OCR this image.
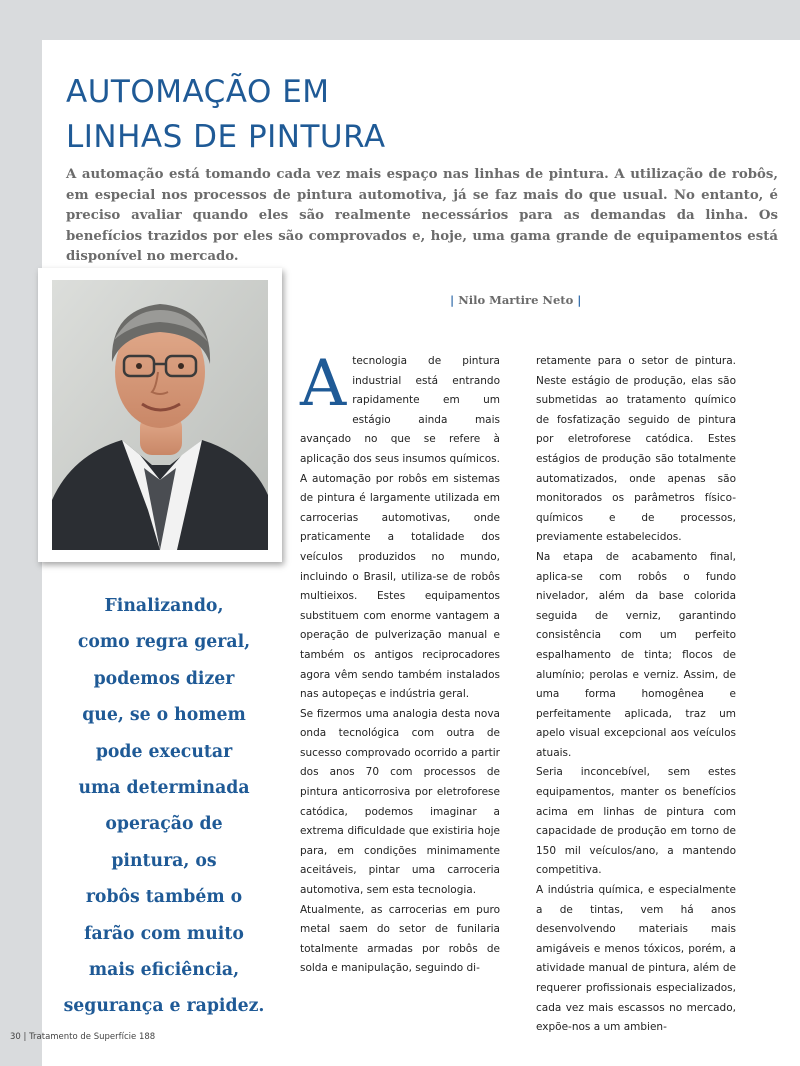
AUTOMAÇÃO EM
LINHAS DE PINTURA

A automação está tomando cada vez mais espaço nas linhas de pintura. A utilização de robôs, em especial nos processos de pintura automotiva, já se faz mais do que usual. No entanto, é preciso avaliar quando eles são realmente necessários para as demandas da linha. Os benefícios trazidos por eles são comprovados e, hoje, uma gama grande de equipamentos está disponível no mercado.

| Nilo Martire Neto |
Finalizando,
como regra geral,
podemos dizer
que, se o homem
pode executar
uma determinada
operação de
pintura, os
robôs também o
farão com muito
mais eficiência,
segurança e rapidez.

Atecnologia de pintura industrial está entrando rapidamente em um estágio ainda mais avançado no que se refere à aplicação dos seus insumos químicos.

A automação por robôs em sistemas de pintura é largamente utilizada em carrocerias automotivas, onde praticamente a totalidade dos veículos produzidos no mundo, incluindo o Brasil, utiliza-se de robôs multieixos. Estes equipamentos substituem com enorme vantagem a operação de pulverização manual e também os antigos reciprocadores agora vêm sendo também instalados nas autopeças e indústria geral.

Se fizermos uma analogia desta nova onda tecnológica com outra de sucesso comprovado ocorrido a partir dos anos 70 com processos de pintura anticorrosiva por eletroforese catódica, podemos imaginar a extrema dificuldade que existiria hoje para, em condições minimamente aceitáveis, pintar uma carroceria automotiva, sem esta tecnologia.

Atualmente, as carrocerias em puro metal saem do setor de funilaria totalmente armadas por robôs de solda e manipulação, seguindo di-

retamente para o setor de pintura. Neste estágio de produção, elas são submetidas ao tratamento químico de fosfatização seguido de pintura por eletroforese catódica. Estes estágios de produção são totalmente automatizados, onde apenas são monitorados os parâmetros físico-químicos e de processos, previamente estabelecidos.

Na etapa de acabamento final, aplica-se com robôs o fundo nivelador, além da base colorida seguida de verniz, garantindo consistência com um perfeito espalhamento de tinta; flocos de alumínio; perolas e verniz. Assim, de uma forma homogênea e perfeitamente aplicada, traz um apelo visual excepcional aos veículos atuais.

Seria inconcebível, sem estes equipamentos, manter os benefícios acima em linhas de pintura com capacidade de produção em torno de 150 mil veículos/ano, a mantendo competitiva.

A indústria química, e especialmente a de tintas, vem há anos desenvolvendo materiais mais amigáveis e menos tóxicos, porém, a atividade manual de pintura, além de requerer profissionais especializados, cada vez mais escassos no mercado, expõe-nos a um ambien-

30 | Tratamento de Superfície 188
